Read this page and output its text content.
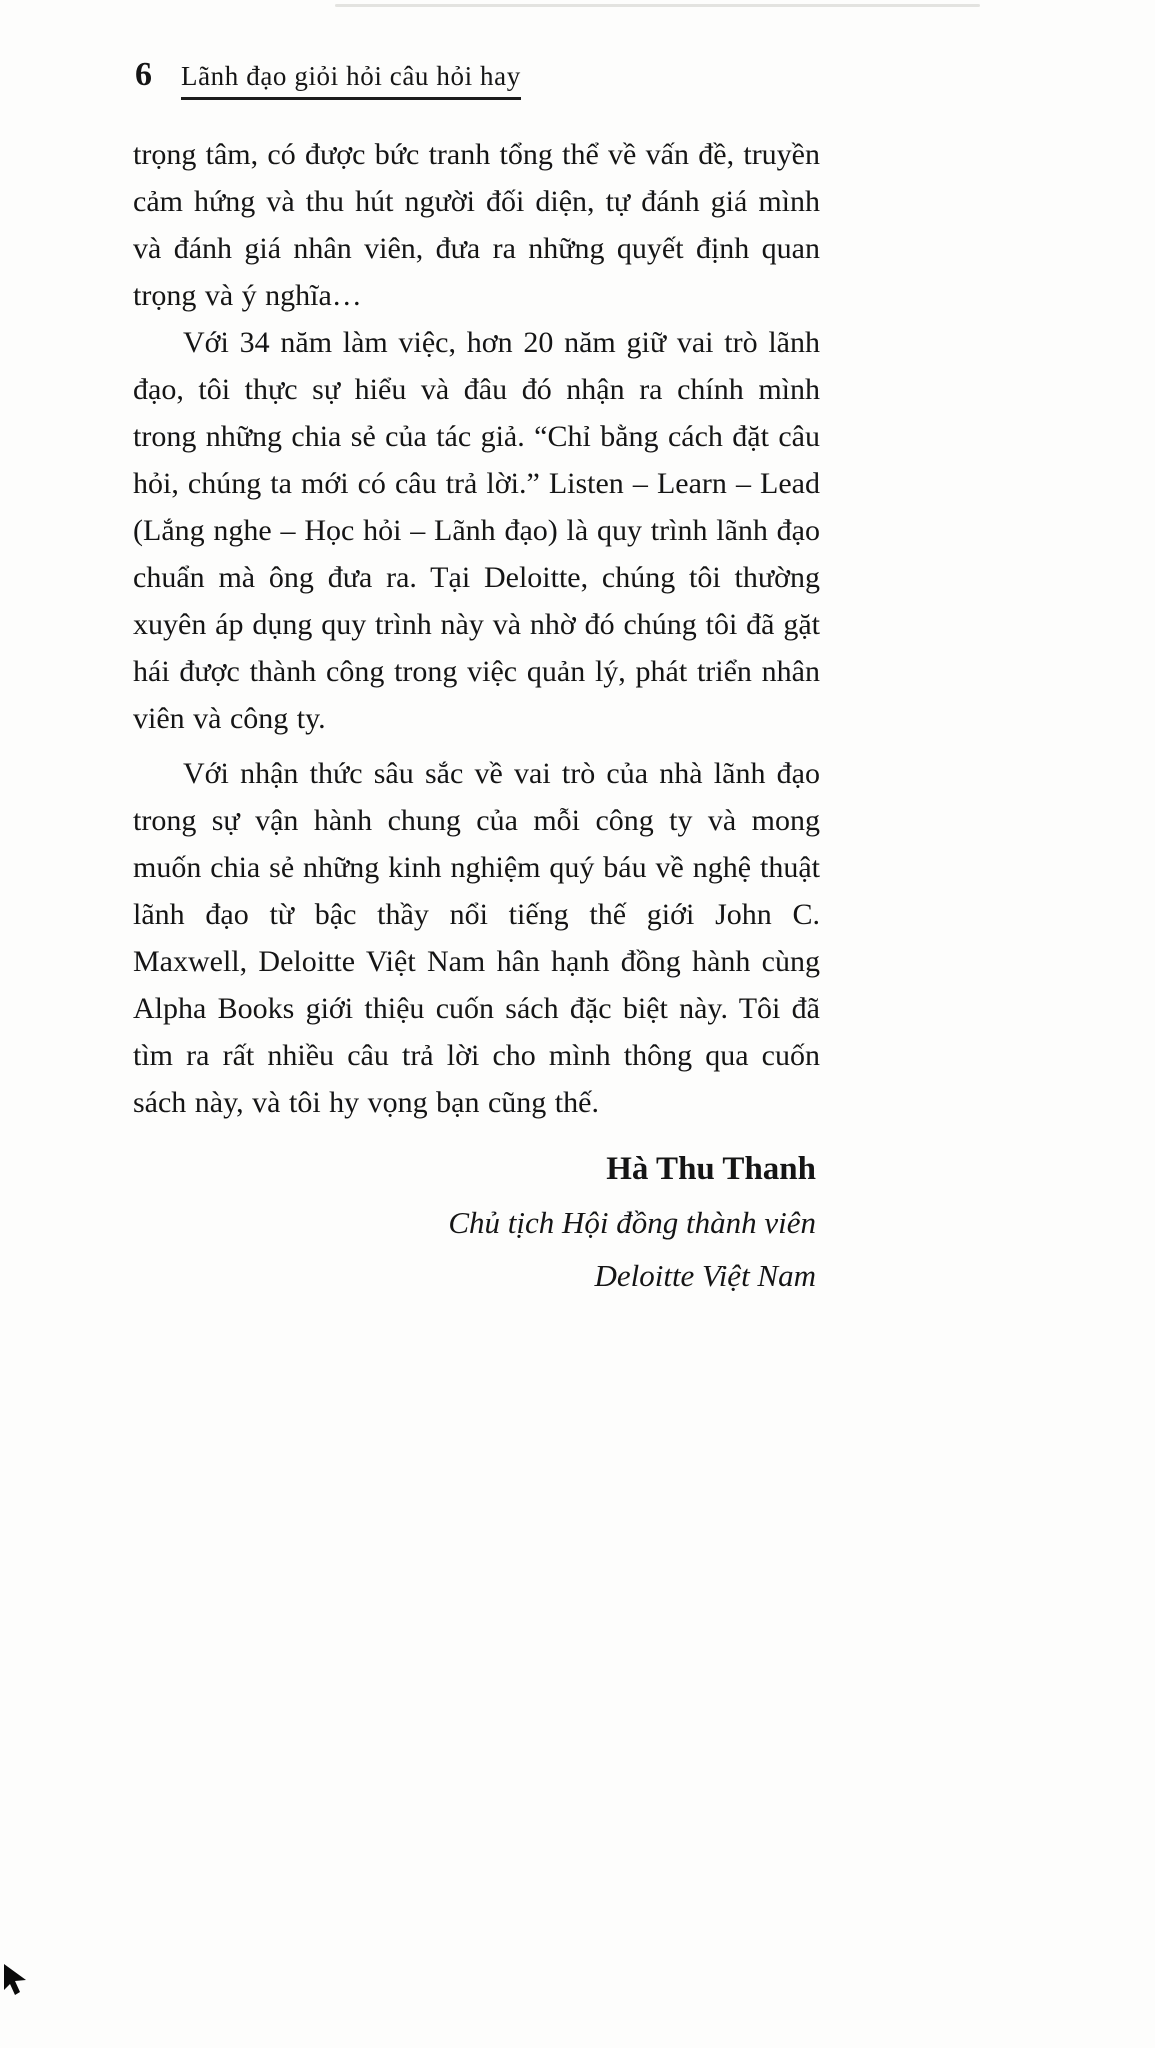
6 Lãnh đạo giỏi hỏi câu hỏi hay

trọng tâm, có được bức tranh tổng thể về vấn đề, truyền cảm hứng và thu hút người đối diện, tự đánh giá mình và đánh giá nhân viên, đưa ra những quyết định quan trọng và ý nghĩa…

Với 34 năm làm việc, hơn 20 năm giữ vai trò lãnh đạo, tôi thực sự hiểu và đâu đó nhận ra chính mình trong những chia sẻ của tác giả. “Chỉ bằng cách đặt câu hỏi, chúng ta mới có câu trả lời.” Listen – Learn – Lead (Lắng nghe – Học hỏi – Lãnh đạo) là quy trình lãnh đạo chuẩn mà ông đưa ra. Tại Deloitte, chúng tôi thường xuyên áp dụng quy trình này và nhờ đó chúng tôi đã gặt hái được thành công trong việc quản lý, phát triển nhân viên và công ty.

Với nhận thức sâu sắc về vai trò của nhà lãnh đạo trong sự vận hành chung của mỗi công ty và mong muốn chia sẻ những kinh nghiệm quý báu về nghệ thuật lãnh đạo từ bậc thầy nổi tiếng thế giới John C. Maxwell, Deloitte Việt Nam hân hạnh đồng hành cùng Alpha Books giới thiệu cuốn sách đặc biệt này. Tôi đã tìm ra rất nhiều câu trả lời cho mình thông qua cuốn sách này, và tôi hy vọng bạn cũng thế.

Hà Thu Thanh
Chủ tịch Hội đồng thành viên
Deloitte Việt Nam
